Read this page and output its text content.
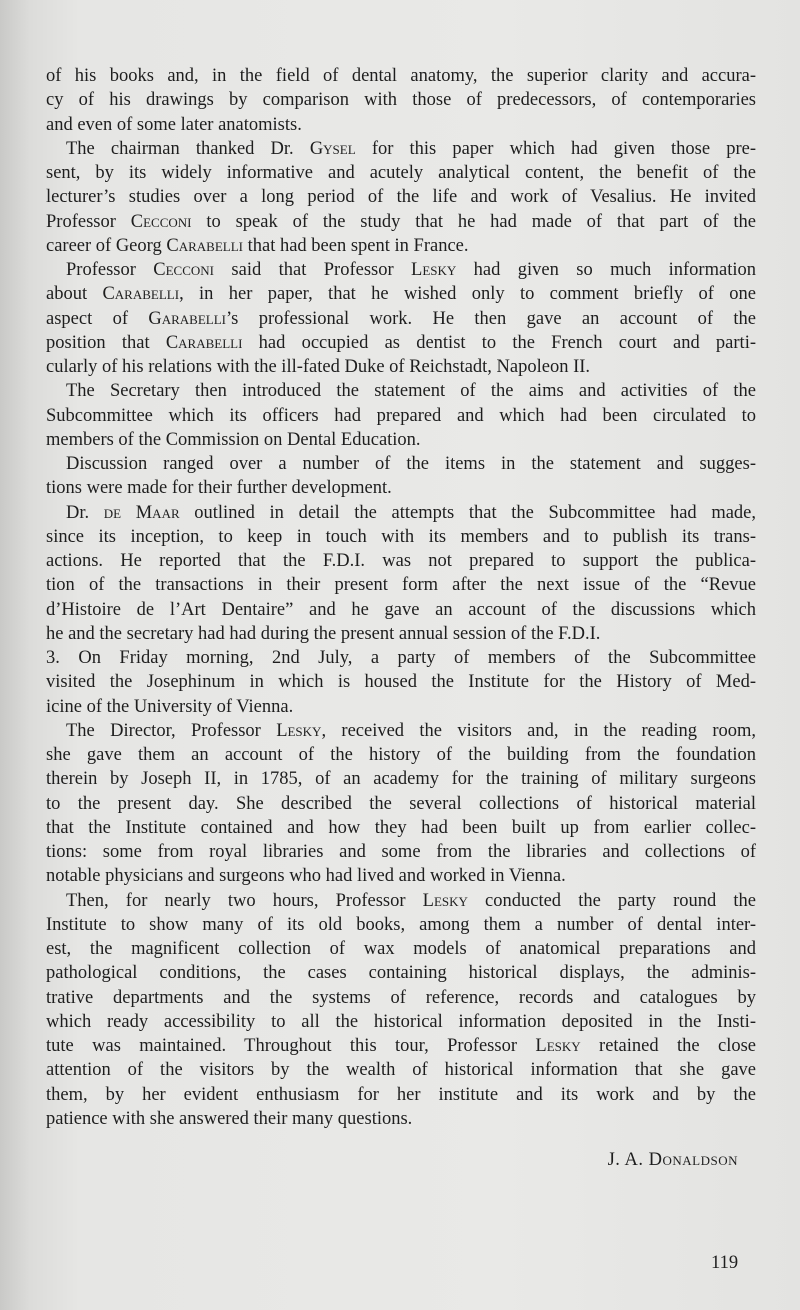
of his books and, in the field of dental anatomy, the superior clarity and accura-
cy of his drawings by comparison with those of predecessors, of contemporaries
and even of some later anatomists.
The chairman thanked Dr. Gysel for this paper which had given those pre-
sent, by its widely informative and acutely analytical content, the benefit of the
lecturer’s studies over a long period of the life and work of Vesalius. He invited
Professor Cecconi to speak of the study that he had made of that part of the
career of Georg Carabelli that had been spent in France.
Professor Cecconi said that Professor Lesky had given so much information
about Carabelli, in her paper, that he wished only to comment briefly of one
aspect of Garabelli’s professional work. He then gave an account of the
position that Carabelli had occupied as dentist to the French court and parti-
cularly of his relations with the ill-fated Duke of Reichstadt, Napoleon II.
The Secretary then introduced the statement of the aims and activities of the
Subcommittee which its officers had prepared and which had been circulated to
members of the Commission on Dental Education.
Discussion ranged over a number of the items in the statement and sugges-
tions were made for their further development.
Dr. de Maar outlined in detail the attempts that the Subcommittee had made,
since its inception, to keep in touch with its members and to publish its trans-
actions. He reported that the F.D.I. was not prepared to support the publica-
tion of the transactions in their present form after the next issue of the “Revue
d’Histoire de l’Art Dentaire” and he gave an account of the discussions which
he and the secretary had had during the present annual session of the F.D.I.
3. On Friday morning, 2nd July, a party of members of the Subcommittee
visited the Josephinum in which is housed the Institute for the History of Med-
icine of the University of Vienna.
The Director, Professor Lesky, received the visitors and, in the reading room,
she gave them an account of the history of the building from the foundation
therein by Joseph II, in 1785, of an academy for the training of military surgeons
to the present day. She described the several collections of historical material
that the Institute contained and how they had been built up from earlier collec-
tions: some from royal libraries and some from the libraries and collections of
notable physicians and surgeons who had lived and worked in Vienna.
Then, for nearly two hours, Professor Lesky conducted the party round the
Institute to show many of its old books, among them a number of dental inter-
est, the magnificent collection of wax models of anatomical preparations and
pathological conditions, the cases containing historical displays, the adminis-
trative departments and the systems of reference, records and catalogues by
which ready accessibility to all the historical information deposited in the Insti-
tute was maintained. Throughout this tour, Professor Lesky retained the close
attention of the visitors by the wealth of historical information that she gave
them, by her evident enthusiasm for her institute and its work and by the
patience with she answered their many questions.
J. A. Donaldson
119
